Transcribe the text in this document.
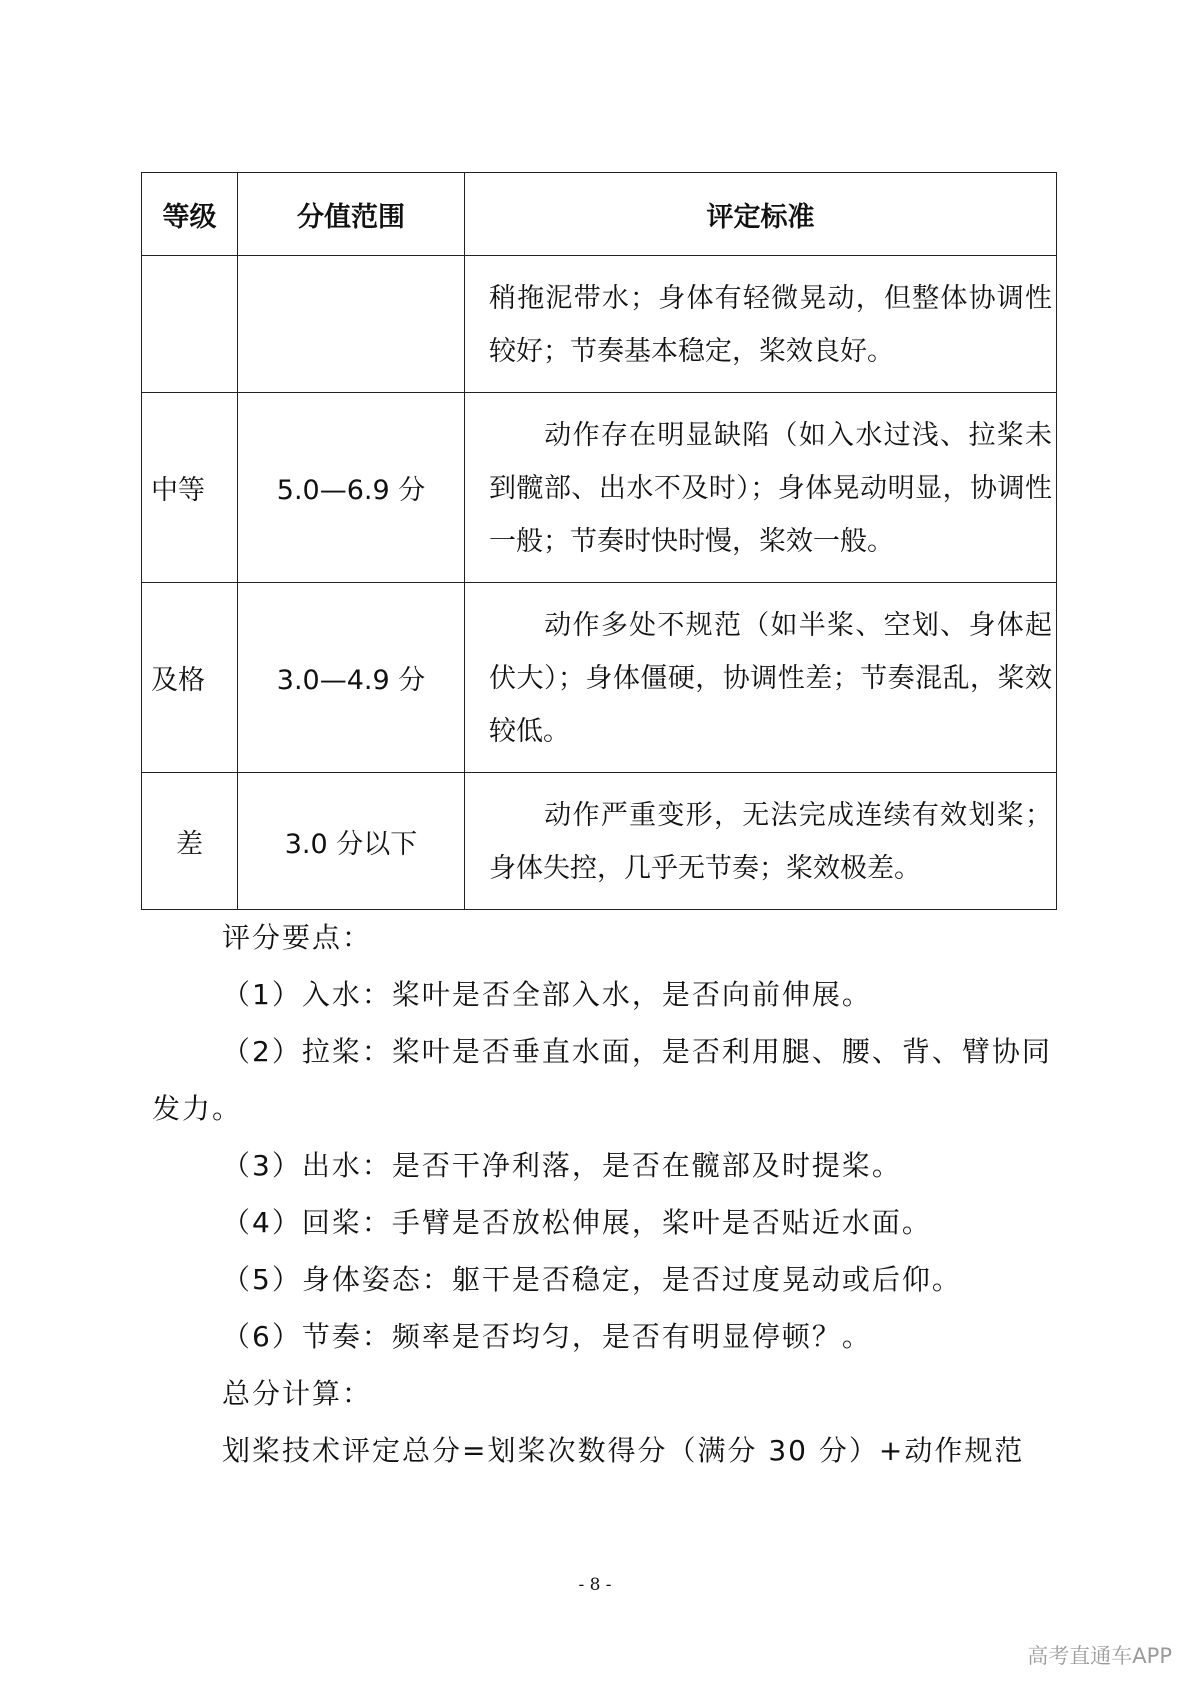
等级	分值范围	评定标准
		稍拖泥带水；身体有轻微晃动，但整体协调性较好；节奏基本稳定，桨效良好。
中等	5.0—6.9 分	动作存在明显缺陷（如入水过浅、拉桨未到髋部、出水不及时）；身体晃动明显，协调性一般；节奏时快时慢，桨效一般。
及格	3.0—4.9 分	动作多处不规范（如半桨、空划、身体起伏大）；身体僵硬，协调性差；节奏混乱，桨效较低。
差	3.0 分以下	动作严重变形，无法完成连续有效划桨；身体失控，几乎无节奏；桨效极差。

评分要点：

（1）入水：桨叶是否全部入水，是否向前伸展。

（2）拉桨：桨叶是否垂直水面，是否利用腿、腰、背、臂协同发力。

（3）出水：是否干净利落，是否在髋部及时提桨。

（4）回桨：手臂是否放松伸展，桨叶是否贴近水面。

（5）身体姿态：躯干是否稳定，是否过度晃动或后仰。

（6）节奏：频率是否均匀，是否有明显停顿？。

总分计算：

划桨技术评定总分=划桨次数得分（满分 30 分）+动作规范

- 8 -
高考直通车APP
